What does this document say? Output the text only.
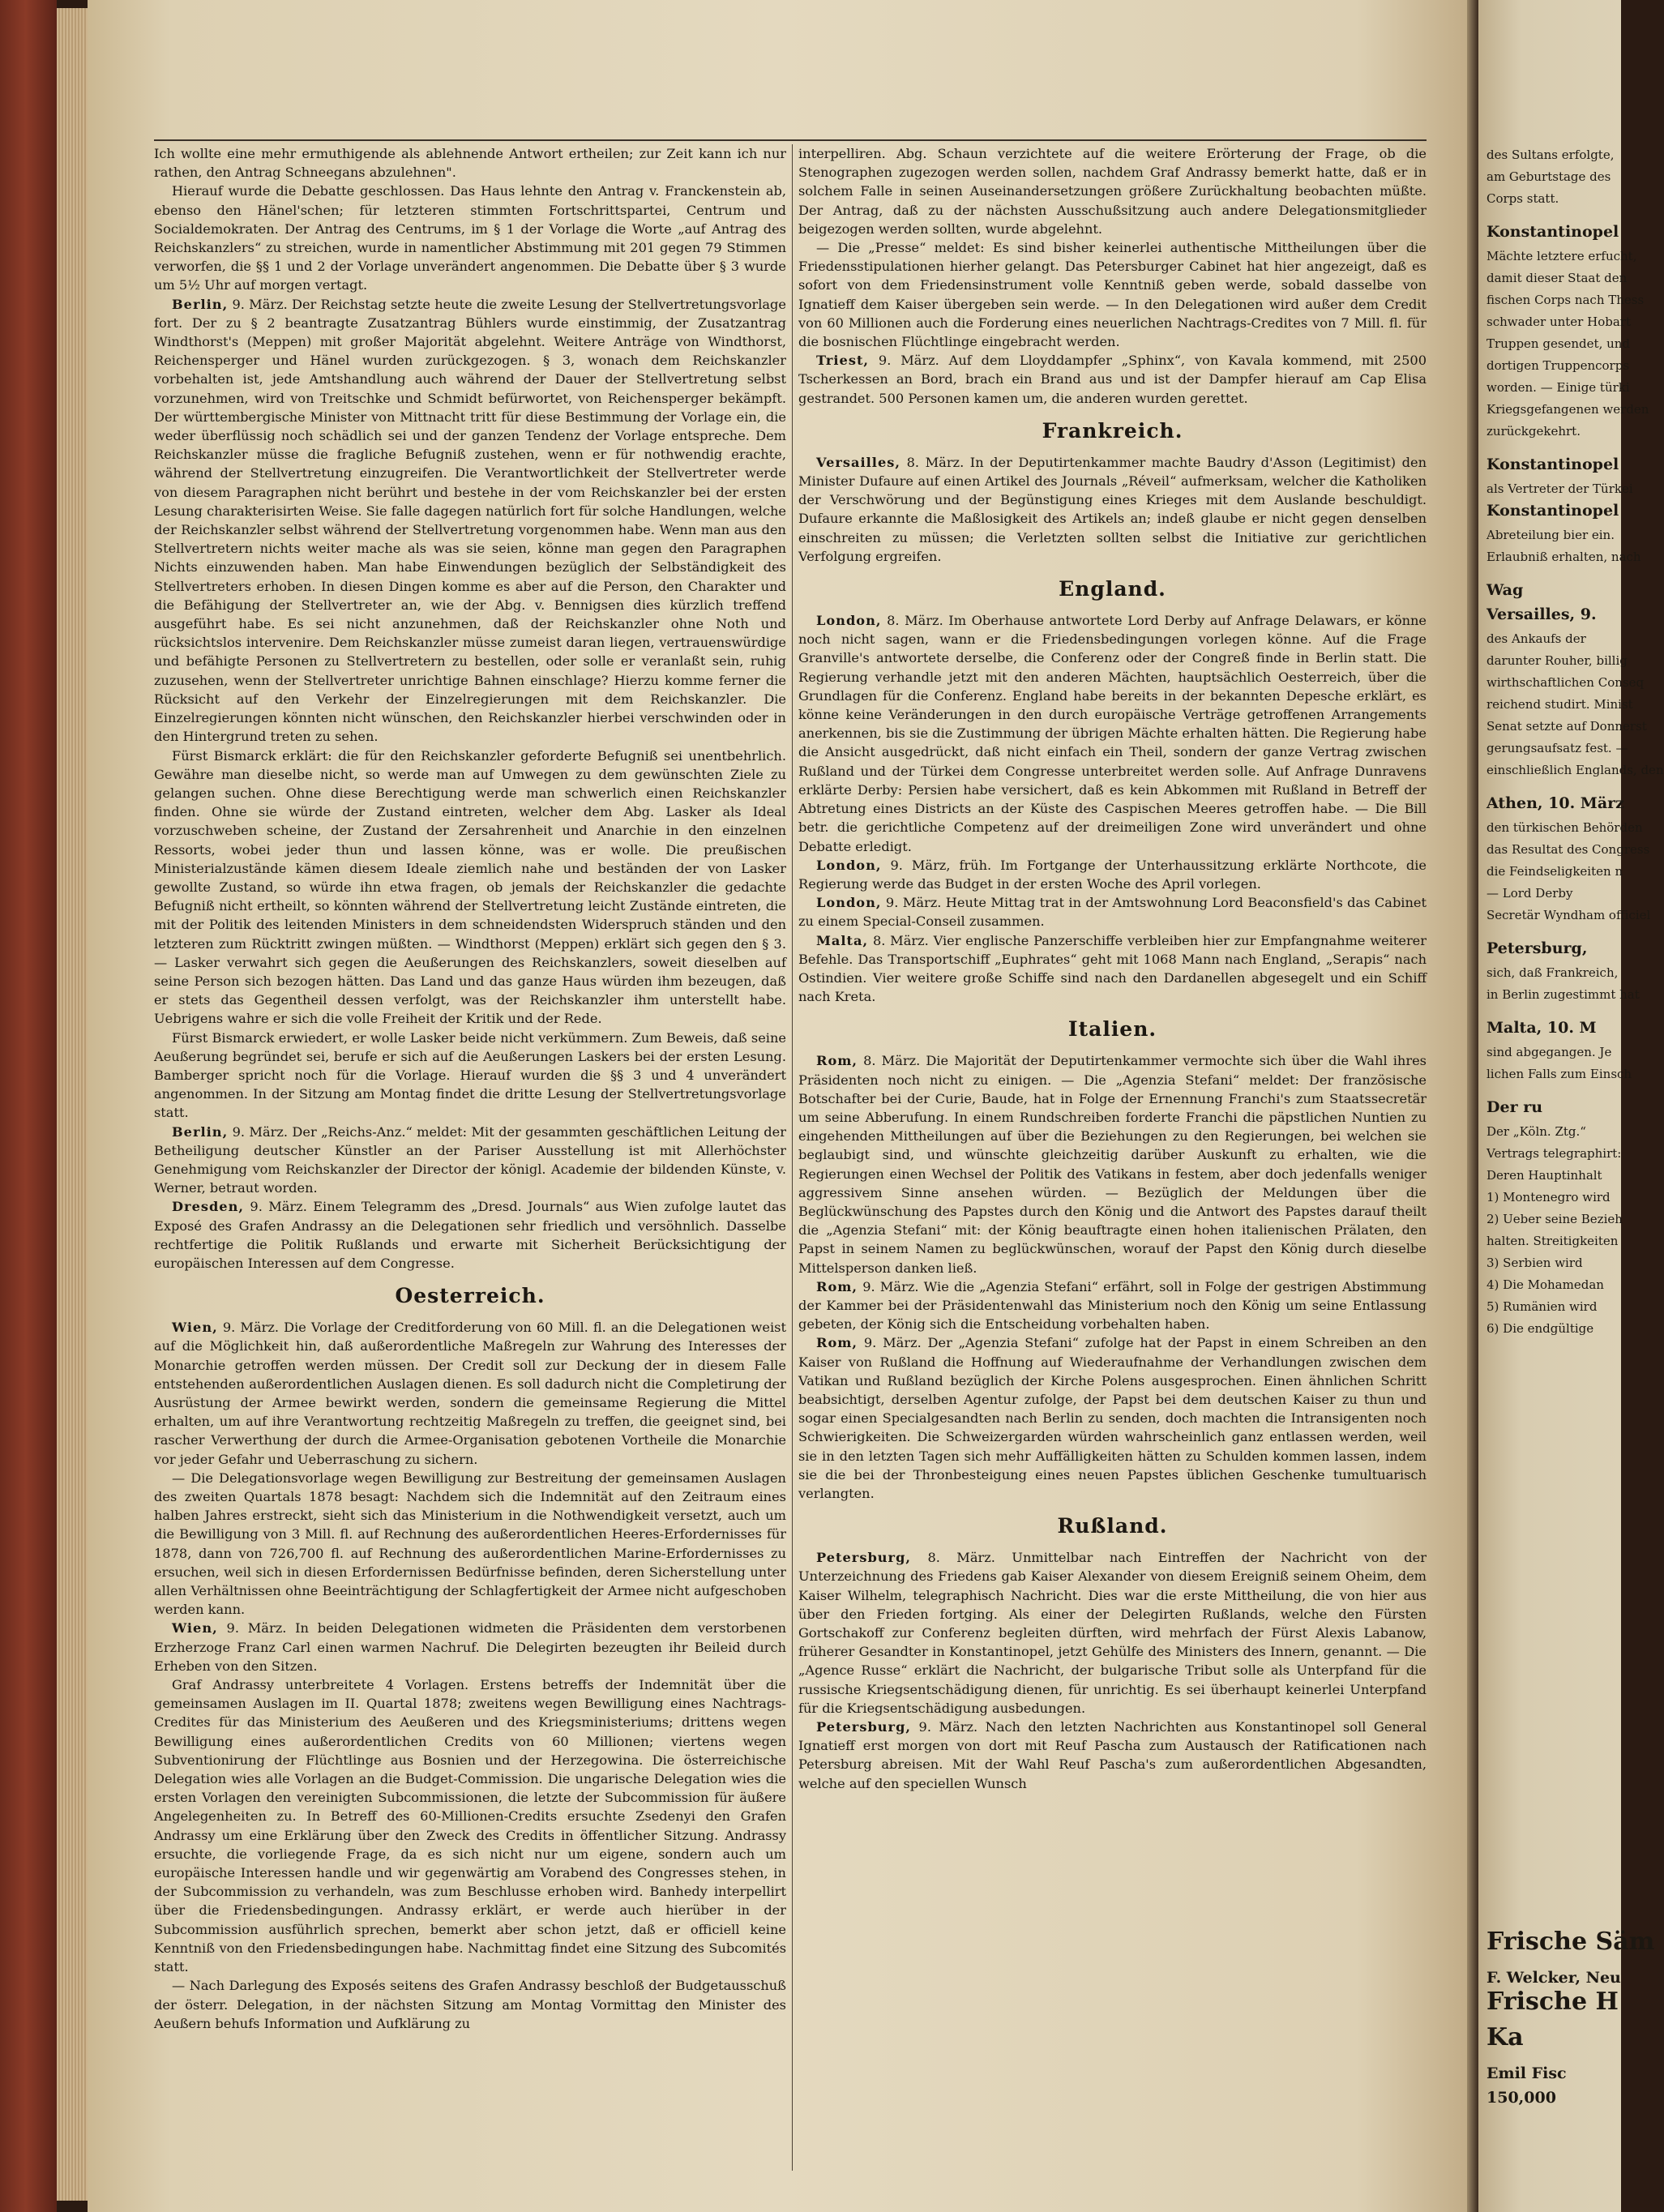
Ich wollte eine mehr ermuthigende als ablehnende Antwort ertheilen; zur Zeit kann ich nur rathen, den Antrag Schneegans abzulehnen".

Hierauf wurde die Debatte geschlossen. Das Haus lehnte den Antrag v. Franckenstein ab, ebenso den Hänel'schen; für letzteren stimmten Fortschrittspartei, Centrum und Socialdemokraten. Der Antrag des Centrums, im § 1 der Vorlage die Worte „auf Antrag des Reichskanzlers“ zu streichen, wurde in namentlicher Abstimmung mit 201 gegen 79 Stimmen verworfen, die §§ 1 und 2 der Vorlage unverändert angenommen. Die Debatte über § 3 wurde um 5½ Uhr auf morgen vertagt.

Berlin, 9. März. Der Reichstag setzte heute die zweite Lesung der Stellvertretungsvorlage fort. Der zu § 2 beantragte Zusatzantrag Bühlers wurde einstimmig, der Zusatzantrag Windthorst's (Meppen) mit großer Majorität abgelehnt. Weitere Anträge von Windthorst, Reichensperger und Hänel wurden zurückgezogen. § 3, wonach dem Reichskanzler vorbehalten ist, jede Amtshandlung auch während der Dauer der Stellvertretung selbst vorzunehmen, wird von Treitschke und Schmidt befürwortet, von Reichensperger bekämpft. Der württembergische Minister von Mittnacht tritt für diese Bestimmung der Vorlage ein, die weder überflüssig noch schädlich sei und der ganzen Tendenz der Vorlage entspreche. Dem Reichskanzler müsse die fragliche Befugniß zustehen, wenn er für nothwendig erachte, während der Stellvertretung einzugreifen. Die Verantwortlichkeit der Stellvertreter werde von diesem Paragraphen nicht berührt und bestehe in der vom Reichskanzler bei der ersten Lesung charakterisirten Weise. Sie falle dagegen natürlich fort für solche Handlungen, welche der Reichskanzler selbst während der Stellvertretung vorgenommen habe. Wenn man aus den Stellvertretern nichts weiter mache als was sie seien, könne man gegen den Paragraphen Nichts einzuwenden haben. Man habe Einwendungen bezüglich der Selbständigkeit des Stellvertreters erhoben. In diesen Dingen komme es aber auf die Person, den Charakter und die Befähigung der Stellvertreter an, wie der Abg. v. Bennigsen dies kürzlich treffend ausgeführt habe. Es sei nicht anzunehmen, daß der Reichskanzler ohne Noth und rücksichtslos intervenire. Dem Reichskanzler müsse zumeist daran liegen, vertrauenswürdige und befähigte Personen zu Stellvertretern zu bestellen, oder solle er veranlaßt sein, ruhig zuzusehen, wenn der Stellvertreter unrichtige Bahnen einschlage? Hierzu komme ferner die Rücksicht auf den Verkehr der Einzelregierungen mit dem Reichskanzler. Die Einzelregierungen könnten nicht wünschen, den Reichskanzler hierbei verschwinden oder in den Hintergrund treten zu sehen.

Fürst Bismarck erklärt: die für den Reichskanzler geforderte Befugniß sei unentbehrlich. Gewähre man dieselbe nicht, so werde man auf Umwegen zu dem gewünschten Ziele zu gelangen suchen. Ohne diese Berechtigung werde man schwerlich einen Reichskanzler finden. Ohne sie würde der Zustand eintreten, welcher dem Abg. Lasker als Ideal vorzuschweben scheine, der Zustand der Zersahrenheit und Anarchie in den einzelnen Ressorts, wobei jeder thun und lassen könne, was er wolle. Die preußischen Ministerialzustände kämen diesem Ideale ziemlich nahe und beständen der von Lasker gewollte Zustand, so würde ihn etwa fragen, ob jemals der Reichskanzler die gedachte Befugniß nicht ertheilt, so könnten während der Stellvertretung leicht Zustände eintreten, die mit der Politik des leitenden Ministers in dem schneidendsten Widerspruch ständen und den letzteren zum Rücktritt zwingen müßten. — Windthorst (Meppen) erklärt sich gegen den § 3. — Lasker verwahrt sich gegen die Aeußerungen des Reichskanzlers, soweit dieselben auf seine Person sich bezogen hätten. Das Land und das ganze Haus würden ihm bezeugen, daß er stets das Gegentheil dessen verfolgt, was der Reichskanzler ihm unterstellt habe. Uebrigens wahre er sich die volle Freiheit der Kritik und der Rede.

Fürst Bismarck erwiedert, er wolle Lasker beide nicht verkümmern. Zum Beweis, daß seine Aeußerung begründet sei, berufe er sich auf die Aeußerungen Laskers bei der ersten Lesung. Bamberger spricht noch für die Vorlage. Hierauf wurden die §§ 3 und 4 unverändert angenommen. In der Sitzung am Montag findet die dritte Lesung der Stellvertretungsvorlage statt.

Berlin, 9. März. Der „Reichs-Anz.“ meldet: Mit der gesammten geschäftlichen Leitung der Betheiligung deutscher Künstler an der Pariser Ausstellung ist mit Allerhöchster Genehmigung vom Reichskanzler der Director der königl. Academie der bildenden Künste, v. Werner, betraut worden.

Dresden, 9. März. Einem Telegramm des „Dresd. Journals“ aus Wien zufolge lautet das Exposé des Grafen Andrassy an die Delegationen sehr friedlich und versöhnlich. Dasselbe rechtfertige die Politik Rußlands und erwarte mit Sicherheit Berücksichtigung der europäischen Interessen auf dem Congresse.

Oesterreich.

Wien, 9. März. Die Vorlage der Creditforderung von 60 Mill. fl. an die Delegationen weist auf die Möglichkeit hin, daß außerordentliche Maßregeln zur Wahrung des Interesses der Monarchie getroffen werden müssen. Der Credit soll zur Deckung der in diesem Falle entstehenden außerordentlichen Auslagen dienen. Es soll dadurch nicht die Completirung der Ausrüstung der Armee bewirkt werden, sondern die gemeinsame Regierung die Mittel erhalten, um auf ihre Verantwortung rechtzeitig Maßregeln zu treffen, die geeignet sind, bei rascher Verwerthung der durch die Armee-Organisation gebotenen Vortheile die Monarchie vor jeder Gefahr und Ueberraschung zu sichern.

— Die Delegationsvorlage wegen Bewilligung zur Bestreitung der gemeinsamen Auslagen des zweiten Quartals 1878 besagt: Nachdem sich die Indemnität auf den Zeitraum eines halben Jahres erstreckt, sieht sich das Ministerium in die Nothwendigkeit versetzt, auch um die Bewilligung von 3 Mill. fl. auf Rechnung des außerordentlichen Heeres-Erfordernisses für 1878, dann von 726,700 fl. auf Rechnung des außerordentlichen Marine-Erfordernisses zu ersuchen, weil sich in diesen Erfordernissen Bedürfnisse befinden, deren Sicherstellung unter allen Verhältnissen ohne Beeinträchtigung der Schlagfertigkeit der Armee nicht aufgeschoben werden kann.

Wien, 9. März. In beiden Delegationen widmeten die Präsidenten dem verstorbenen Erzherzoge Franz Carl einen warmen Nachruf. Die Delegirten bezeugten ihr Beileid durch Erheben von den Sitzen.

Graf Andrassy unterbreitete 4 Vorlagen. Erstens betreffs der Indemnität über die gemeinsamen Auslagen im II. Quartal 1878; zweitens wegen Bewilligung eines Nachtrags-Credites für das Ministerium des Aeußeren und des Kriegsministeriums; drittens wegen Bewilligung eines außerordentlichen Credits von 60 Millionen; viertens wegen Subventionirung der Flüchtlinge aus Bosnien und der Herzegowina. Die österreichische Delegation wies alle Vorlagen an die Budget-Commission. Die ungarische Delegation wies die ersten Vorlagen den vereinigten Subcommissionen, die letzte der Subcommission für äußere Angelegenheiten zu. In Betreff des 60-Millionen-Credits ersuchte Zsedenyi den Grafen Andrassy um eine Erklärung über den Zweck des Credits in öffentlicher Sitzung. Andrassy ersuchte, die vorliegende Frage, da es sich nicht nur um eigene, sondern auch um europäische Interessen handle und wir gegenwärtig am Vorabend des Congresses stehen, in der Subcommission zu verhandeln, was zum Beschlusse erhoben wird. Banhedy interpellirt über die Friedensbedingungen. Andrassy erklärt, er werde auch hierüber in der Subcommission ausführlich sprechen, bemerkt aber schon jetzt, daß er officiell keine Kenntniß von den Friedensbedingungen habe. Nachmittag findet eine Sitzung des Subcomités statt.

— Nach Darlegung des Exposés seitens des Grafen Andrassy beschloß der Budgetausschuß der österr. Delegation, in der nächsten Sitzung am Montag Vormittag den Minister des Aeußern behufs Information und Aufklärung zu

interpelliren. Abg. Schaun verzichtete auf die weitere Erörterung der Frage, ob die Stenographen zugezogen werden sollen, nachdem Graf Andrassy bemerkt hatte, daß er in solchem Falle in seinen Auseinandersetzungen größere Zurückhaltung beobachten müßte. Der Antrag, daß zu der nächsten Ausschußsitzung auch andere Delegationsmitglieder beigezogen werden sollten, wurde abgelehnt.

— Die „Presse“ meldet: Es sind bisher keinerlei authentische Mittheilungen über die Friedensstipulationen hierher gelangt. Das Petersburger Cabinet hat hier angezeigt, daß es sofort von dem Friedensinstrument volle Kenntniß geben werde, sobald dasselbe von Ignatieff dem Kaiser übergeben sein werde. — In den Delegationen wird außer dem Credit von 60 Millionen auch die Forderung eines neuerlichen Nachtrags-Credites von 7 Mill. fl. für die bosnischen Flüchtlinge eingebracht werden.

Triest, 9. März. Auf dem Lloyddampfer „Sphinx“, von Kavala kommend, mit 2500 Tscherkessen an Bord, brach ein Brand aus und ist der Dampfer hierauf am Cap Elisa gestrandet. 500 Personen kamen um, die anderen wurden gerettet.

Frankreich.

Versailles, 8. März. In der Deputirtenkammer machte Baudry d'Asson (Legitimist) den Minister Dufaure auf einen Artikel des Journals „Réveil“ aufmerksam, welcher die Katholiken der Verschwörung und der Begünstigung eines Krieges mit dem Auslande beschuldigt. Dufaure erkannte die Maßlosigkeit des Artikels an; indeß glaube er nicht gegen denselben einschreiten zu müssen; die Verletzten sollten selbst die Initiative zur gerichtlichen Verfolgung ergreifen.

England.

London, 8. März. Im Oberhause antwortete Lord Derby auf Anfrage Delawars, er könne noch nicht sagen, wann er die Friedensbedingungen vorlegen könne. Auf die Frage Granville's antwortete derselbe, die Conferenz oder der Congreß finde in Berlin statt. Die Regierung verhandle jetzt mit den anderen Mächten, hauptsächlich Oesterreich, über die Grundlagen für die Conferenz. England habe bereits in der bekannten Depesche erklärt, es könne keine Veränderungen in den durch europäische Verträge getroffenen Arrangements anerkennen, bis sie die Zustimmung der übrigen Mächte erhalten hätten. Die Regierung habe die Ansicht ausgedrückt, daß nicht einfach ein Theil, sondern der ganze Vertrag zwischen Rußland und der Türkei dem Congresse unterbreitet werden solle. Auf Anfrage Dunravens erklärte Derby: Persien habe versichert, daß es kein Abkommen mit Rußland in Betreff der Abtretung eines Districts an der Küste des Caspischen Meeres getroffen habe. — Die Bill betr. die gerichtliche Competenz auf der dreimeiligen Zone wird unverändert und ohne Debatte erledigt.

London, 9. März, früh. Im Fortgange der Unterhaussitzung erklärte Northcote, die Regierung werde das Budget in der ersten Woche des April vorlegen.

London, 9. März. Heute Mittag trat in der Amtswohnung Lord Beaconsfield's das Cabinet zu einem Special-Conseil zusammen.

Malta, 8. März. Vier englische Panzerschiffe verbleiben hier zur Empfangnahme weiterer Befehle. Das Transportschiff „Euphrates“ geht mit 1068 Mann nach England, „Serapis“ nach Ostindien. Vier weitere große Schiffe sind nach den Dardanellen abgesegelt und ein Schiff nach Kreta.

Italien.

Rom, 8. März. Die Majorität der Deputirtenkammer vermochte sich über die Wahl ihres Präsidenten noch nicht zu einigen. — Die „Agenzia Stefani“ meldet: Der französische Botschafter bei der Curie, Baude, hat in Folge der Ernennung Franchi's zum Staatssecretär um seine Abberufung. In einem Rundschreiben forderte Franchi die päpstlichen Nuntien zu eingehenden Mittheilungen auf über die Beziehungen zu den Regierungen, bei welchen sie beglaubigt sind, und wünschte gleichzeitig darüber Auskunft zu erhalten, wie die Regierungen einen Wechsel der Politik des Vatikans in festem, aber doch jedenfalls weniger aggressivem Sinne ansehen würden. — Bezüglich der Meldungen über die Beglückwünschung des Papstes durch den König und die Antwort des Papstes darauf theilt die „Agenzia Stefani“ mit: der König beauftragte einen hohen italienischen Prälaten, den Papst in seinem Namen zu beglückwünschen, worauf der Papst den König durch dieselbe Mittelsperson danken ließ.

Rom, 9. März. Wie die „Agenzia Stefani“ erfährt, soll in Folge der gestrigen Abstimmung der Kammer bei der Präsidentenwahl das Ministerium noch den König um seine Entlassung gebeten, der König sich die Entscheidung vorbehalten haben.

Rom, 9. März. Der „Agenzia Stefani“ zufolge hat der Papst in einem Schreiben an den Kaiser von Rußland die Hoffnung auf Wiederaufnahme der Verhandlungen zwischen dem Vatikan und Rußland bezüglich der Kirche Polens ausgesprochen. Einen ähnlichen Schritt beabsichtigt, derselben Agentur zufolge, der Papst bei dem deutschen Kaiser zu thun und sogar einen Specialgesandten nach Berlin zu senden, doch machten die Intransigenten noch Schwierigkeiten. Die Schweizergarden würden wahrscheinlich ganz entlassen werden, weil sie in den letzten Tagen sich mehr Auffälligkeiten hätten zu Schulden kommen lassen, indem sie die bei der Thronbesteigung eines neuen Papstes üblichen Geschenke tumultuarisch verlangten.

Rußland.

Petersburg, 8. März. Unmittelbar nach Eintreffen der Nachricht von der Unterzeichnung des Friedens gab Kaiser Alexander von diesem Ereigniß seinem Oheim, dem Kaiser Wilhelm, telegraphisch Nachricht. Dies war die erste Mittheilung, die von hier aus über den Frieden fortging. Als einer der Delegirten Rußlands, welche den Fürsten Gortschakoff zur Conferenz begleiten dürften, wird mehrfach der Fürst Alexis Labanow, früherer Gesandter in Konstantinopel, jetzt Gehülfe des Ministers des Innern, genannt. — Die „Agence Russe“ erklärt die Nachricht, der bulgarische Tribut solle als Unterpfand für die russische Kriegsentschädigung dienen, für unrichtig. Es sei überhaupt keinerlei Unterpfand für die Kriegsentschädigung ausbedungen.

Petersburg, 9. März. Nach den letzten Nachrichten aus Konstantinopel soll General Ignatieff erst morgen von dort mit Reuf Pascha zum Austausch der Ratificationen nach Petersburg abreisen. Mit der Wahl Reuf Pascha's zum außerordentlichen Abgesandten, welche auf den speciellen Wunsch

des Sultans erfolgte,
am Geburtstage des
Corps statt.
Konstantinopel
Mächte letztere erfucht,
damit dieser Staat den
fischen Corps nach Thess
schwader unter Hobart
Truppen gesendet, und
dortigen Truppencorps
worden. — Einige türki
Kriegsgefangenen werden
zurückgekehrt.
Konstantinopel
als Vertreter der Türkei
Konstantinopel
Abreteilung bier ein.
Erlaubniß erhalten, nach
Wag
Versailles, 9.
des Ankaufs der
darunter Rouher, billig
wirthschaftlichen Conseq
reichend studirt. Minist
Senat setzte auf Donnerst
gerungsaufsatz fest. —
einschließlich Englands, den
Athen, 10. März
den türkischen Behörden
das Resultat des Congress
die Feindseligkeiten n
— Lord Derby
Secretär Wyndham officiel
Petersburg,
sich, daß Frankreich,
in Berlin zugestimmt hat
Malta, 10. M
sind abgegangen. Je
lichen Falls zum Einsch
Der ru
Der „Köln. Ztg.“
Vertrags telegraphirt:
Deren Hauptinhalt
1) Montenegro wird
2) Ueber seine Bezieh
halten. Streitigkeiten
3) Serbien wird
4) Die Mohamedan
5) Rumänien wird
6) Die endgültige
Frische Säm
F. Welcker, Neu
Frische H
Ka
Emil Fisc
150,000
